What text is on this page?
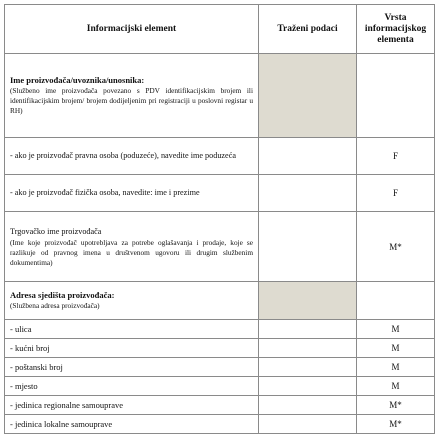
Informacijski element	Traženi podaci	Vrsta informacijskog elementa
Ime proizvođača/uvoznika/unosnika:
(Službeno ime proizvođača povezano s PDV identifikacijskim brojem ili identifikacijskim brojem/ brojem dodijeljenim pri registraciji u poslovni registar u RH)		

- ako je proizvođač pravna osoba (poduzeće), navedite ime poduzeća		F

- ako je proizvođač fizička osoba, navedite: ime i prezime		F

Trgovačko ime proizvođača
(Ime koje proizvođač upotrebljava za potrebe oglašavanja i prodaje, koje se razlikuje od pravnog imena u društvenom ugovoru ili drugim službenim dokumentima)		M*
Adresa sjedišta proizvođača:
(Službena adresa proizvođača)		

- ulica		M
- kućni broj		M
- poštanski broj		M
- mjesto		M
- jedinica regionalne samouprave		M*
- jedinica lokalne samouprave		M*
